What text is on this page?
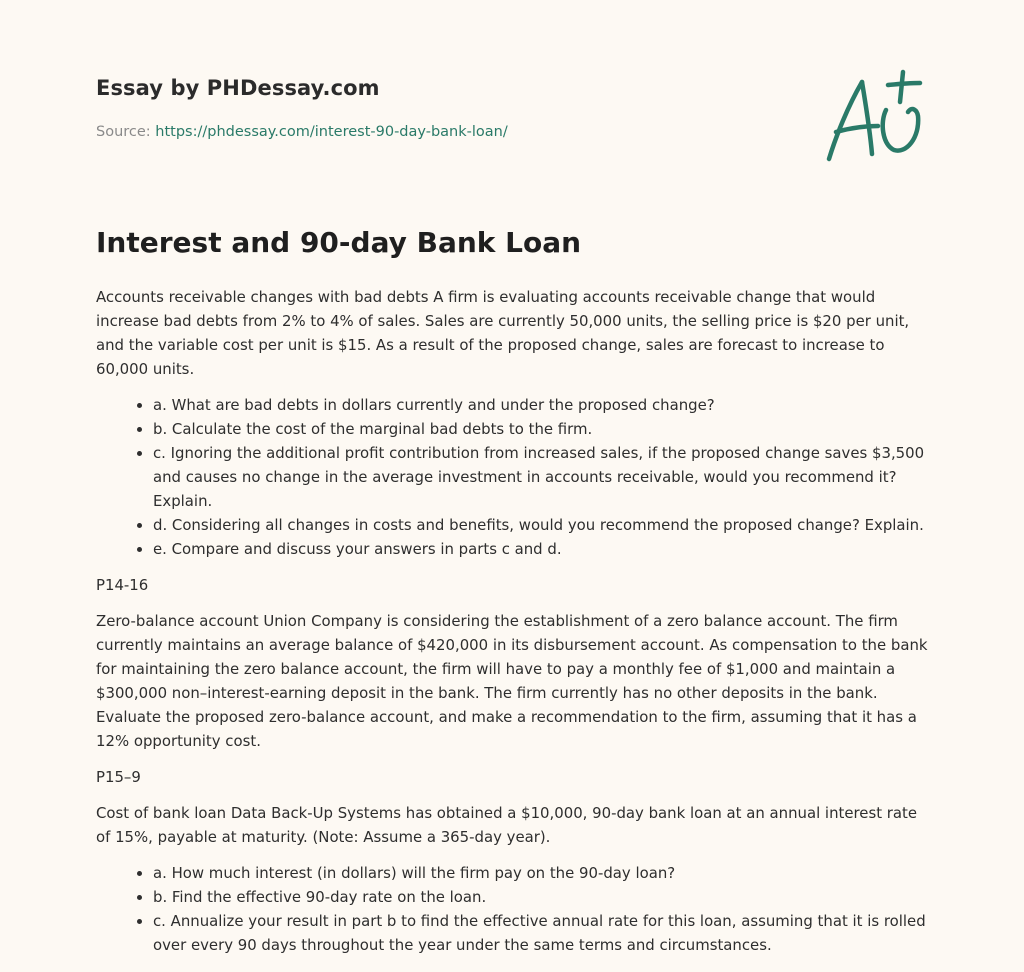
Essay by PHDessay.com
Source: https://phdessay.com/interest-90-day-bank-loan/
Interest and 90-day Bank Loan

Accounts receivable changes with bad debts A firm is evaluating accounts receivable change that would increase bad debts from 2% to 4% of sales. Sales are currently 50,000 units, the selling price is $20 per unit, and the variable cost per unit is $15. As a result of the proposed change, sales are forecast to increase to 60,000 units.

• a. What are bad debts in dollars currently and under the proposed change?
• b. Calculate the cost of the marginal bad debts to the firm.
• c. Ignoring the additional profit contribution from increased sales, if the proposed change saves $3,500 and causes no change in the average investment in accounts receivable, would you recommend it? Explain.
• d. Considering all changes in costs and benefits, would you recommend the proposed change? Explain.
• e. Compare and discuss your answers in parts c and d.

P14-16

Zero-balance account Union Company is considering the establishment of a zero balance account. The firm currently maintains an average balance of $420,000 in its disbursement account. As compensation to the bank for maintaining the zero balance account, the firm will have to pay a monthly fee of $1,000 and maintain a $300,000 non–interest-earning deposit in the bank. The firm currently has no other deposits in the bank. Evaluate the proposed zero-balance account, and make a recommendation to the firm, assuming that it has a 12% opportunity cost.

P15–9

Cost of bank loan Data Back-Up Systems has obtained a $10,000, 90-day bank loan at an annual interest rate of 15%, payable at maturity. (Note: Assume a 365-day year).

• a. How much interest (in dollars) will the firm pay on the 90-day loan?
• b. Find the effective 90-day rate on the loan.
• c. Annualize your result in part b to find the effective annual rate for this loan, assuming that it is rolled over every 90 days throughout the year under the same terms and circumstances.
